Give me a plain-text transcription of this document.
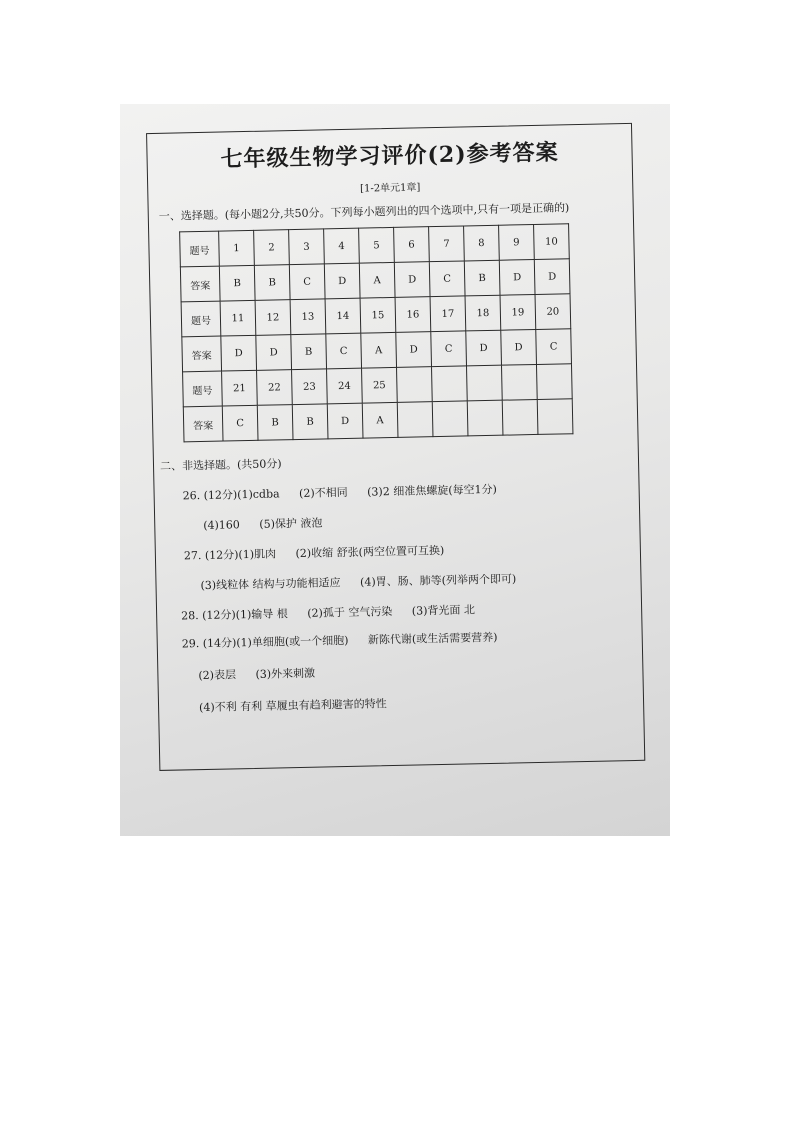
七年级生物学习评价(2)参考答案
[1-2单元1章]
一、选择题。(每小题2分,共50分。下列每小题列出的四个选项中,只有一项是正确的)
题号	1	2	3	4	5	6	7	8	9	10
答案	B	B	C	D	A	D	C	B	D	D
题号	11	12	13	14	15	16	17	18	19	20
答案	D	D	B	C	A	D	C	D	D	C
题号	21	22	23	24	25					
答案	C	B	B	D	A					
二、非选择题。(共50分)
26. (12分)(1)cdba (2)不相同 (3)2 细准焦螺旋(每空1分)
(4)160 (5)保护 液泡
27. (12分)(1)肌肉 (2)收缩 舒张(两空位置可互换)
(3)线粒体 结构与功能相适应 (4)胃、肠、肺等(列举两个即可)
28. (12分)(1)输导 根 (2)孤于 空气污染 (3)背光面 北
29. (14分)(1)单细胞(或一个细胞) 新陈代谢(或生活需要营养)
(2)表层 (3)外来刺激
(4)不利 有利 草履虫有趋利避害的特性
